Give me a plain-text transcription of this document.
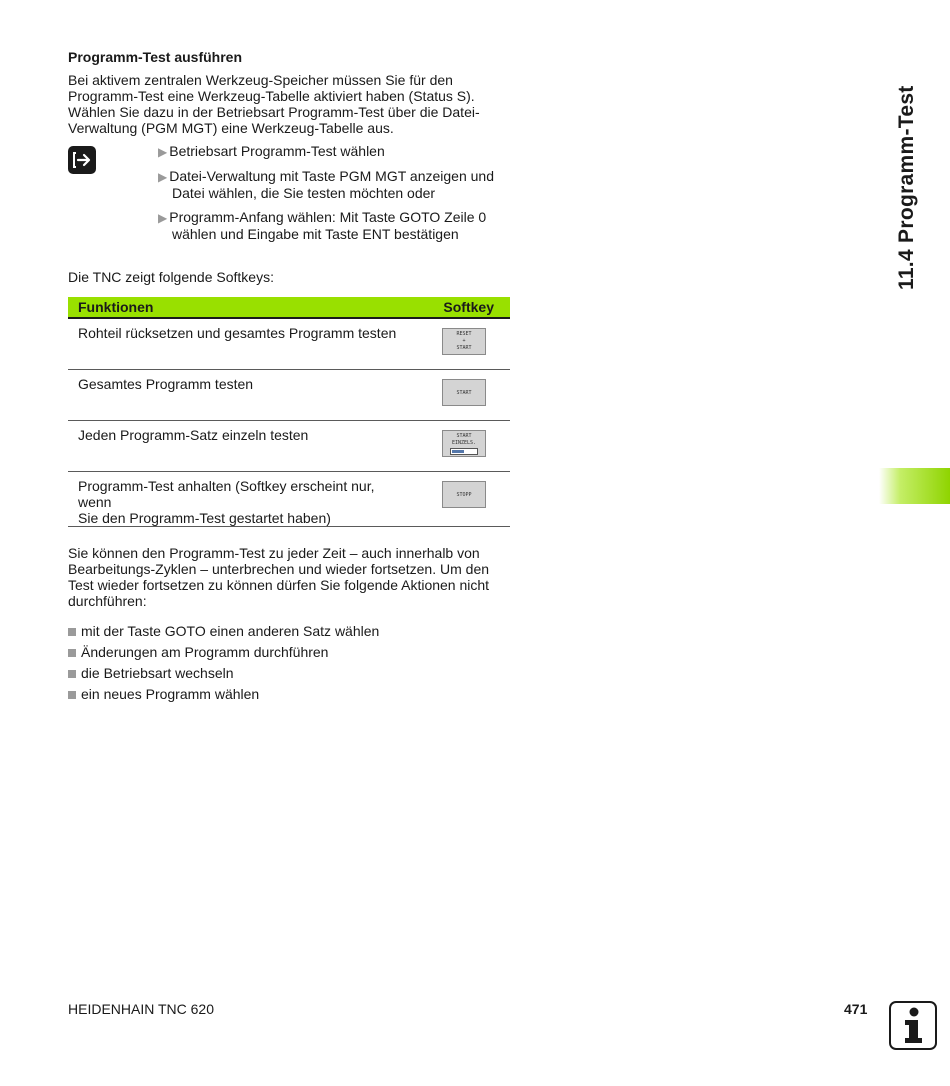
Programm-Test ausführen

Bei aktivem zentralen Werkzeug-Speicher müssen Sie für den
Programm-Test eine Werkzeug-Tabelle aktiviert haben (Status S).
Wählen Sie dazu in der Betriebsart Programm-Test über die Datei-
Verwaltung (PGM MGT) eine Werkzeug-Tabelle aus.

▶ Betriebsart Programm-Test wählen
▶ Datei-Verwaltung mit Taste PGM MGT anzeigen und
Datei wählen, die Sie testen möchten oder
▶ Programm-Anfang wählen: Mit Taste GOTO Zeile 0
wählen und Eingabe mit Taste ENT bestätigen

Die TNC zeigt folgende Softkeys:

Funktionen	Softkey
Rohteil rücksetzen und gesamtes Programm testen	RESET
+
START

Gesamtes Programm testen	START

Jeden Programm-Satz einzeln testen	START
EINZELS.

Programm-Test anhalten (Softkey erscheint nur, wenn
Sie den Programm-Test gestartet haben)	STOPP

Sie können den Programm-Test zu jeder Zeit – auch innerhalb von
Bearbeitungs-Zyklen – unterbrechen und wieder fortsetzen. Um den
Test wieder fortsetzen zu können dürfen Sie folgende Aktionen nicht
durchführen:

mit der Taste GOTO einen anderen Satz wählen
Änderungen am Programm durchführen
die Betriebsart wechseln
ein neues Programm wählen
11.4 Programm-Test
HEIDENHAIN TNC 620	471
